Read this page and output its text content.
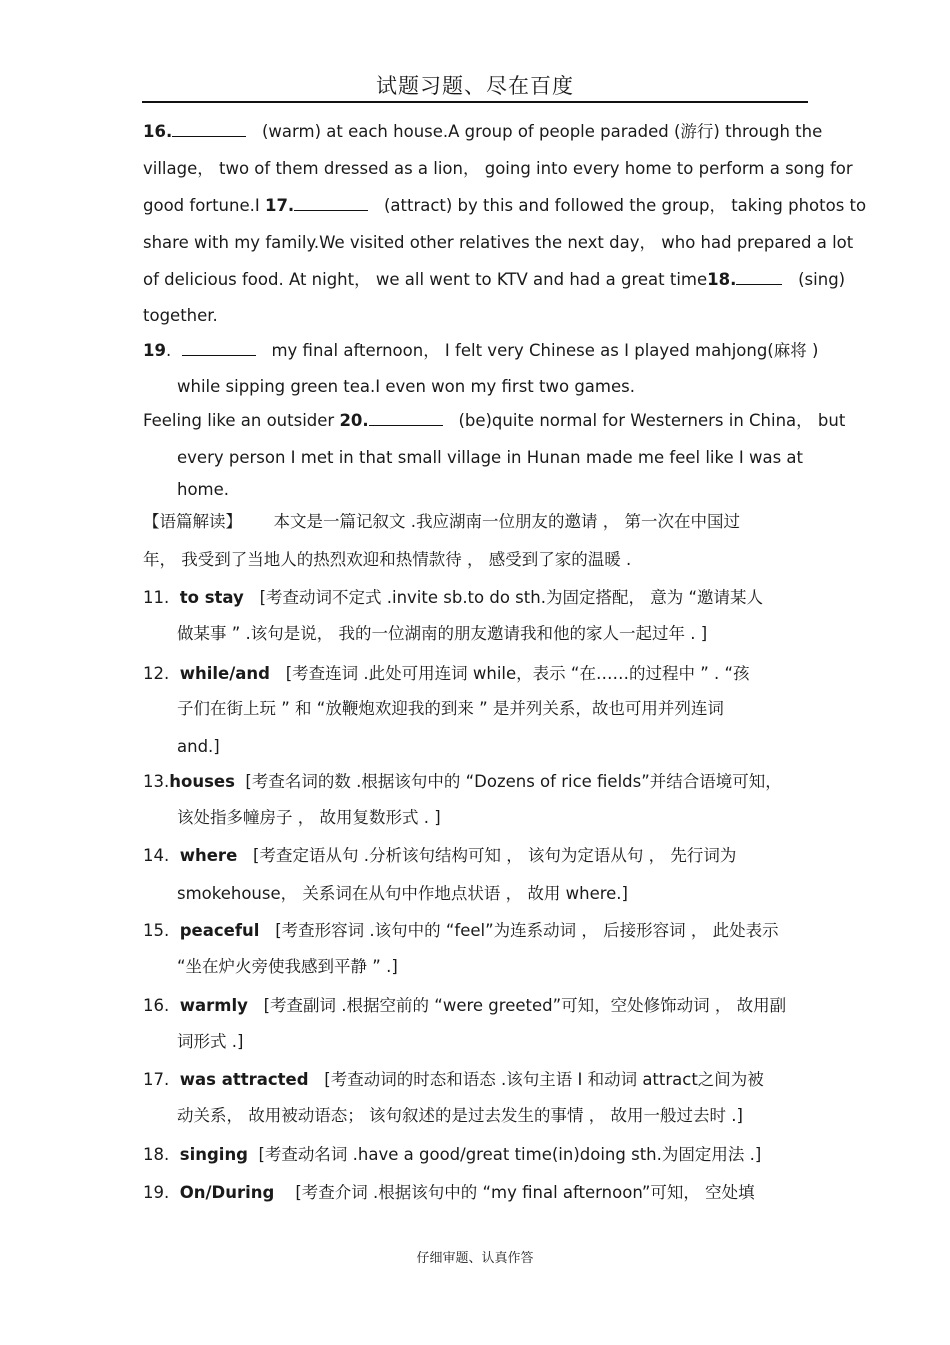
试题习题、尽在百度
16.	(warm) at each house.A group of people paraded (游行) through the
village， two of them dressed as a lion， going into every home to perform a song for
good fortune.I 17.	(attract) by this and followed the group， taking photos to
share with my family.We visited other relatives the next day， who had prepared a lot
of delicious food. At night， we all went to KTV and had a great time18.	(sing)
together.
19.	my final afternoon， I felt very Chinese as I played mahjong(麻将 )
while sipping green tea.I even won my first two games.
Feeling like an outsider 20.	(be)quite normal for Westerners in China， but
every person I met in that small village in Hunan made me feel like I was at
home.
【语篇解读】 本文是一篇记叙文 .我应湖南一位朋友的邀请 ， 第一次在中国过
年， 我受到了当地人的热烈欢迎和热情款待 ， 感受到了家的温暖 .
11. to stay [考查动词不定式 .invite sb.to do sth.为固定搭配， 意为 “邀请某人
做某事 ” .该句是说， 我的一位湖南的朋友邀请我和他的家人一起过年 . ]
12. while/and [考查连词 .此处可用连词 while，表示 “在……的过程中 ” . “孩
子们在街上玩 ” 和 “放鞭炮欢迎我的到来 ” 是并列关系，故也可用并列连词
and.]
13.houses [考查名词的数 .根据该句中的 “Dozens of rice fields”并结合语境可知，
该处指多幢房子 ， 故用复数形式 . ]
14. where [考查定语从句 .分析该句结构可知 ， 该句为定语从句 ， 先行词为
smokehouse， 关系词在从句中作地点状语 ， 故用 where.]
15. peaceful [考查形容词 .该句中的 “feel”为连系动词 ， 后接形容词 ， 此处表示
“坐在炉火旁使我感到平静 ” .]
16. warmly [考查副词 .根据空前的 “were greeted”可知，空处修饰动词 ， 故用副
词形式 .]
17. was attracted [考查动词的时态和语态 .该句主语 I 和动词 attract之间为被
动关系， 故用被动语态； 该句叙述的是过去发生的事情 ， 故用一般过去时 .]
18. singing [考查动名词 .have a good/great time(in)doing sth.为固定用法 .]
19. On/During [考查介词 .根据该句中的 “my final afternoon”可知， 空处填
仔细审题、认真作答
